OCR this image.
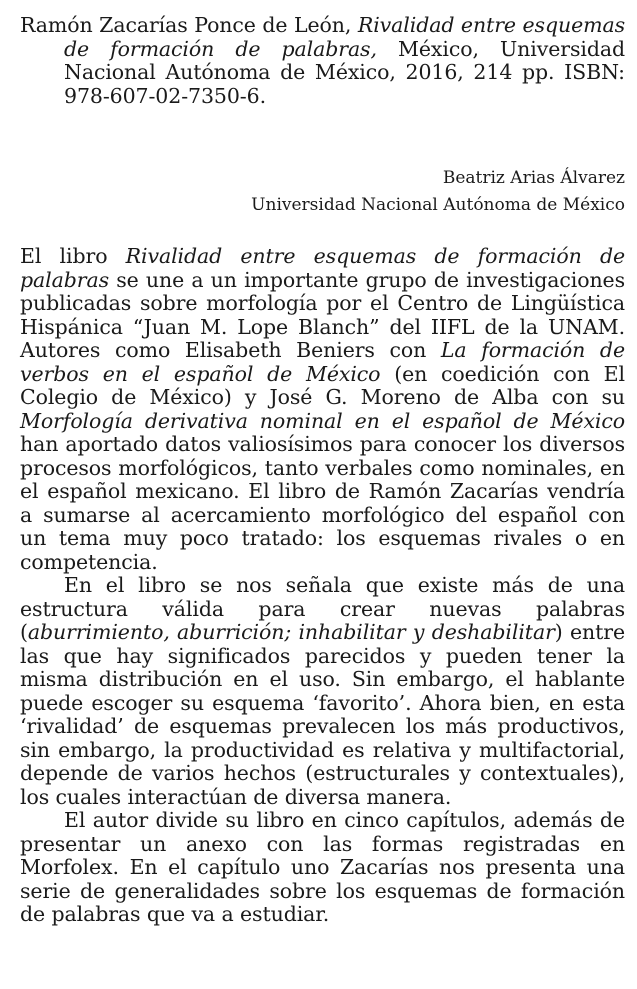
Ramón Zacarías Ponce de León, Rivalidad entre esquemas de formación de palabras, México, Universidad Nacional Autónoma de México, 2016, 214 pp. ISBN: 978-607-02-7350-6.

Beatriz Arias Álvarez
Universidad Nacional Autónoma de México

El libro Rivalidad entre esquemas de formación de palabras se une a un importante grupo de investigaciones publicadas sobre morfología por el Centro de Lingüística Hispánica “Juan M. Lope Blanch” del IIFL de la UNAM. Autores como Elisabeth Beniers con La formación de verbos en el español de México (en coedición con El Colegio de México) y José G. Moreno de Alba con su Morfología derivativa nominal en el español de México han aportado datos valiosísimos para conocer los diversos procesos morfológicos, tanto verbales como nominales, en el español mexicano. El libro de Ramón Zacarías vendría a sumarse al acercamiento morfológico del español con un tema muy poco tratado: los esquemas rivales o en competencia.

En el libro se nos señala que existe más de una estructura válida para crear nuevas palabras (aburrimiento, aburrición; inhabilitar y deshabilitar) entre las que hay significados parecidos y pueden tener la misma distribución en el uso. Sin embargo, el hablante puede escoger su esquema ‘favorito’. Ahora bien, en esta ‘rivalidad’ de esquemas prevalecen los más productivos, sin embargo, la productividad es relativa y multifactorial, depende de varios hechos (estructurales y contextuales), los cuales interactúan de diversa manera.

El autor divide su libro en cinco capítulos, además de presentar un anexo con las formas registradas en Morfolex. En el capítulo uno Zacarías nos presenta una serie de generalidades sobre los esquemas de formación de palabras que va a estudiar.
